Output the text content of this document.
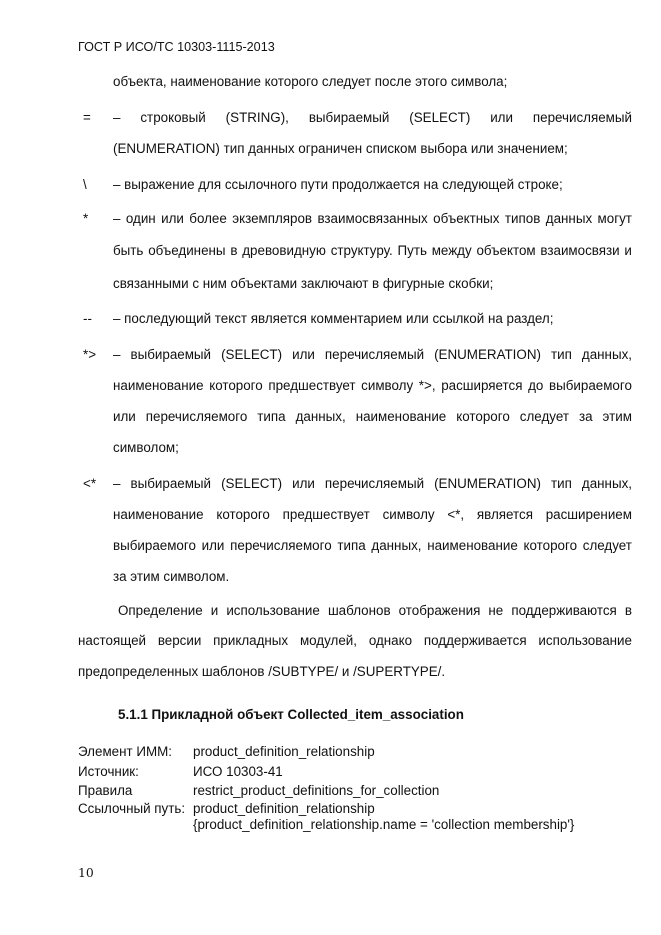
ГОСТ Р ИСО/ТС 10303-1115-2013
объекта, наименование которого следует после этого символа;
= – строковый (STRING), выбираемый (SELECT) или перечисляемый
(ENUMERATION) тип данных ограничен списком выбора или значением;
\ – выражение для ссылочного пути продолжается на следующей строке;
* – один или более экземпляров взаимосвязанных объектных типов данных могут
быть объединены в древовидную структуру. Путь между объектом взаимосвязи и
связанными с ним объектами заключают в фигурные скобки;
-- – последующий текст является комментарием или ссылкой на раздел;
*> – выбираемый (SELECT) или перечисляемый (ENUMERATION) тип данных,
наименование которого предшествует символу *>, расширяется до выбираемого
или перечисляемого типа данных, наименование которого следует за этим
символом;
<* – выбираемый (SELECT) или перечисляемый (ENUMERATION) тип данных,
наименование которого предшествует символу <*, является расширением
выбираемого или перечисляемого типа данных, наименование которого следует
за этим символом.
Определение и использование шаблонов отображения не поддерживаются в
настоящей версии прикладных модулей, однако поддерживается использование
предопределенных шаблонов /SUBTYPE/ и /SUPERTYPE/.
5.1.1 Прикладной объект Collected_item_association
Элемент ИММ: product_definition_relationship
Источник:	ИСО 10303-41
Правила	restrict_product_definitions_for_collection
Ссылочный путь: product_definition_relationship
{product_definition_relationship.name = 'collection membership'}
10
